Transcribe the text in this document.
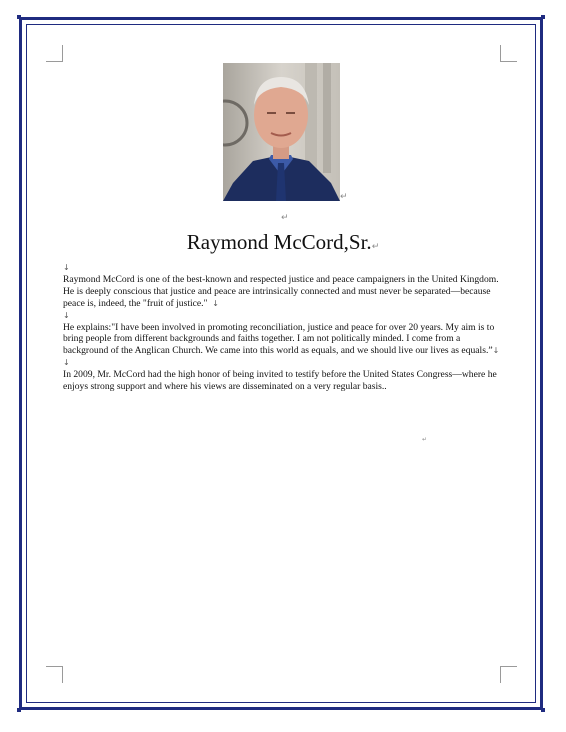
↵
↵
Raymond McCord,Sr.↵

↓

Raymond McCord is one of the best-known and respected justice and peace campaigners in the United Kingdom. He is deeply conscious that justice and peace are intrinsically connected and must never be separated—because peace is, indeed, the "fruit of justice." ↓

↓

He explains:"I have been involved in promoting reconciliation, justice and peace for over 20 years. My aim is to bring people from different backgrounds and faiths together. I am not politically minded. I come from a background of the Anglican Church. We came into this world as equals, and we should live our lives as equals.”↓

↓

In 2009, Mr. McCord had the high honor of being invited to testify before the United States Congress—where he enjoys strong support and where his views are disseminated on a very regular basis..

↵
